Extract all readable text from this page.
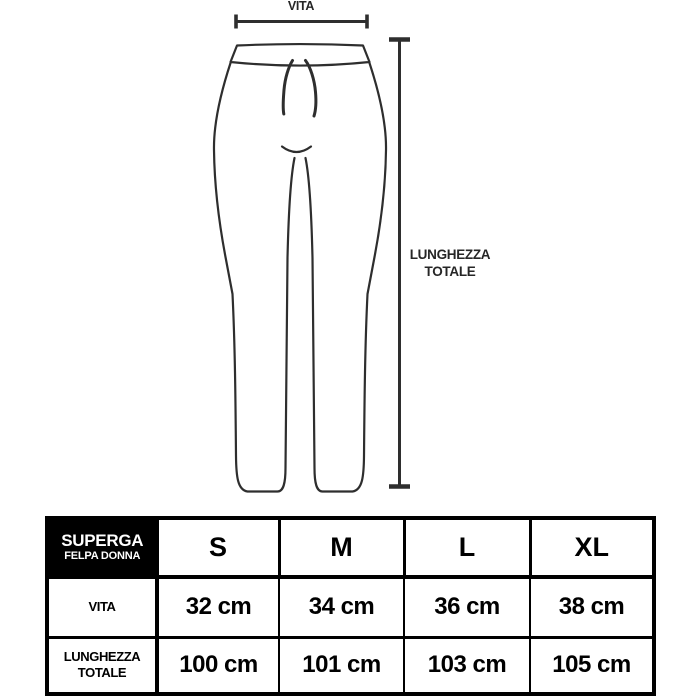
VITA
LUNGHEZZA
TOTALE
SUPERGA
FELPA DONNA	S	M	L	XL

VITA	32 cm	34 cm	36 cm	38 cm

LUNGHEZZA
TOTALE	100 cm	101 cm	103 cm	105 cm
